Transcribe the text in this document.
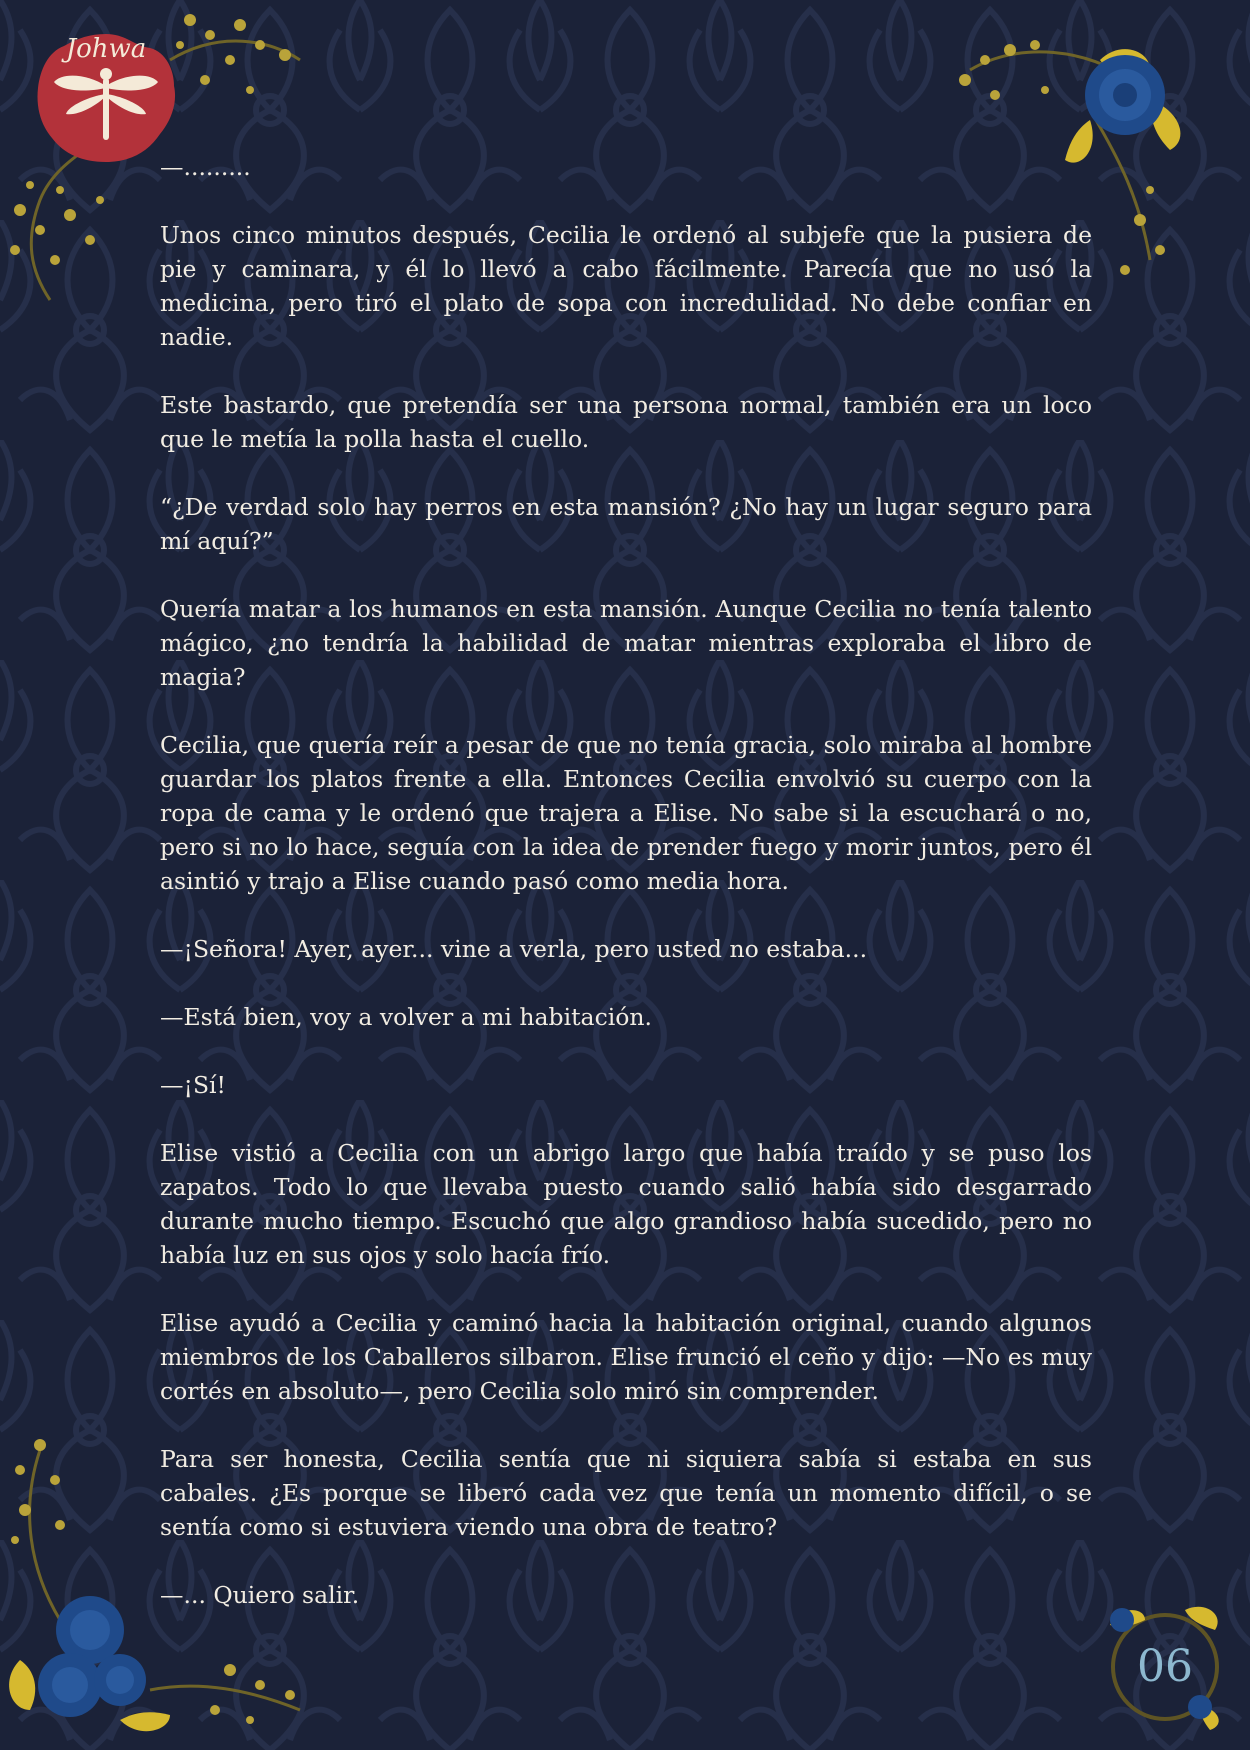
Johwa
06

—.........

Unos cinco minutos después, Cecilia le ordenó al subjefe que la pusiera de pie y caminara, y él lo llevó a cabo fácilmente. Parecía que no usó la medicina, pero tiró el plato de sopa con incredulidad. No debe confiar en nadie.

Este bastardo, que pretendía ser una persona normal, también era un loco que le metía la polla hasta el cuello.

“¿De verdad solo hay perros en esta mansión? ¿No hay un lugar seguro para mí aquí?”

Quería matar a los humanos en esta mansión. Aunque Cecilia no tenía talento mágico, ¿no tendría la habilidad de matar mientras exploraba el libro de magia?

Cecilia, que quería reír a pesar de que no tenía gracia, solo miraba al hombre guardar los platos frente a ella. Entonces Cecilia envolvió su cuerpo con la ropa de cama y le ordenó que trajera a Elise. No sabe si la escuchará o no, pero si no lo hace, seguía con la idea de prender fuego y morir juntos, pero él asintió y trajo a Elise cuando pasó como media hora.

—¡Señora! Ayer, ayer... vine a verla, pero usted no estaba...

—Está bien, voy a volver a mi habitación.

—¡Sí!

Elise vistió a Cecilia con un abrigo largo que había traído y se puso los zapatos. Todo lo que llevaba puesto cuando salió había sido desgarrado durante mucho tiempo. Escuchó que algo grandioso había sucedido, pero no había luz en sus ojos y solo hacía frío.

Elise ayudó a Cecilia y caminó hacia la habitación original, cuando algunos miembros de los Caballeros silbaron. Elise frunció el ceño y dijo: —No es muy cortés en absoluto—, pero Cecilia solo miró sin comprender.

Para ser honesta, Cecilia sentía que ni siquiera sabía si estaba en sus cabales. ¿Es porque se liberó cada vez que tenía un momento difícil, o se sentía como si estuviera viendo una obra de teatro?

—... Quiero salir.
